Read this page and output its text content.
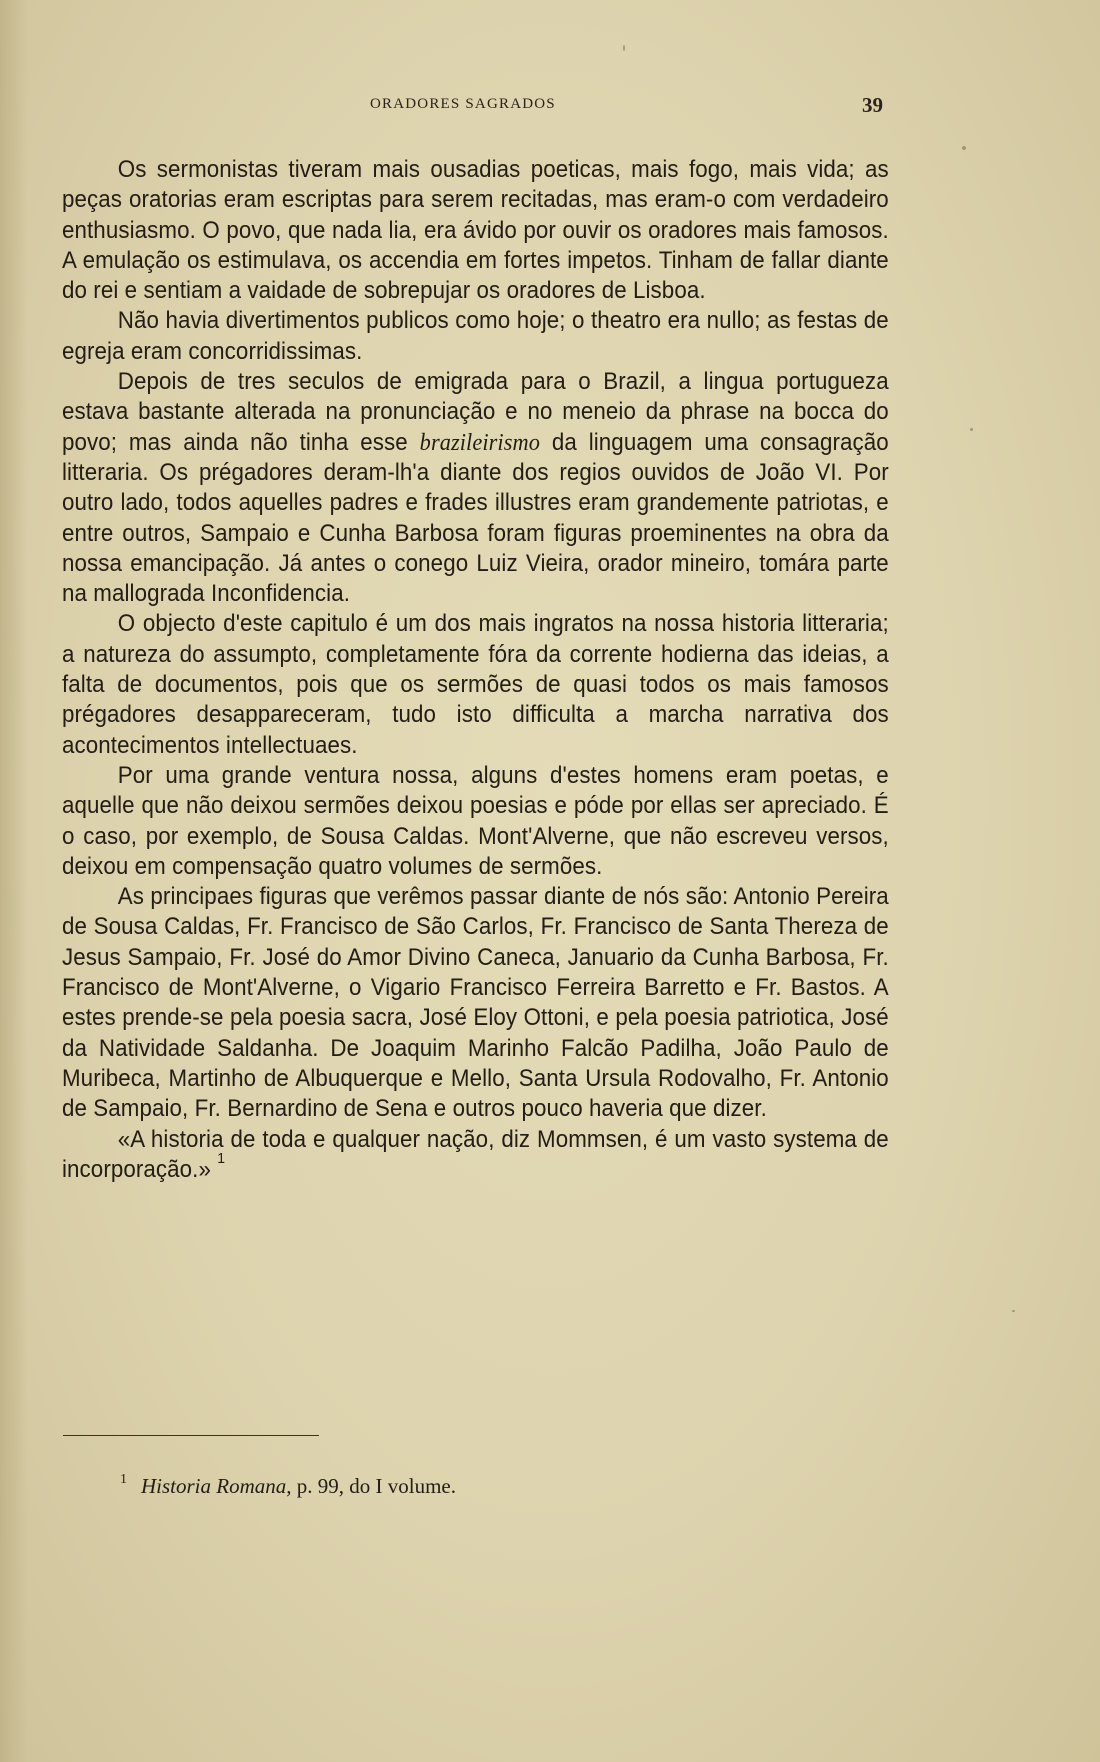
ORADORES SAGRADOS	39

Os sermonistas tiveram mais ousadias poeticas, mais fogo, mais vida; as peças oratorias eram escriptas para serem recitadas, mas eram-o com verdadeiro enthusiasmo. O povo, que nada lia, era ávido por ouvir os oradores mais famosos. A emulação os estimulava, os accendia em fortes impetos. Tinham de fallar diante do rei e sentiam a vaidade de sobrepujar os oradores de Lisboa.

Não havia divertimentos publicos como hoje; o theatro era nullo; as festas de egreja eram concorridissimas.

Depois de tres seculos de emigrada para o Brazil, a lingua portugueza estava bastante alterada na pronunciação e no meneio da phrase na bocca do povo; mas ainda não tinha esse brazileirismo da linguagem uma consagração litteraria. Os prégadores deram-lh'a diante dos regios ouvidos de João VI. Por outro lado, todos aquelles padres e frades illustres eram grandemente patriotas, e entre outros, Sampaio e Cunha Barbosa foram figuras proeminentes na obra da nossa emancipação. Já antes o conego Luiz Vieira, orador mineiro, tomára parte na mallograda Inconfidencia.

O objecto d'este capitulo é um dos mais ingratos na nossa historia litteraria; a natureza do assumpto, completamente fóra da corrente hodierna das ideias, a falta de documentos, pois que os sermões de quasi todos os mais famosos prégadores desappareceram, tudo isto difficulta a marcha narrativa dos acontecimentos intellectuaes.

Por uma grande ventura nossa, alguns d'estes homens eram poetas, e aquelle que não deixou sermões deixou poesias e póde por ellas ser apreciado. É o caso, por exemplo, de Sousa Caldas. Mont'Alverne, que não escreveu versos, deixou em compensação quatro volumes de sermões.

As principaes figuras que verêmos passar diante de nós são: Antonio Pereira de Sousa Caldas, Fr. Francisco de São Carlos, Fr. Francisco de Santa Thereza de Jesus Sampaio, Fr. José do Amor Divino Caneca, Januario da Cunha Barbosa, Fr. Francisco de Mont'Alverne, o Vigario Francisco Ferreira Barretto e Fr. Bastos. A estes prende-se pela poesia sacra, José Eloy Ottoni, e pela poesia patriotica, José da Natividade Saldanha. De Joaquim Marinho Falcão Padilha, João Paulo de Muribeca, Martinho de Albuquerque e Mello, Santa Ursula Rodovalho, Fr. Antonio de Sampaio, Fr. Bernardino de Sena e outros pouco haveria que dizer.

«A historia de toda e qualquer nação, diz Mommsen, é um vasto systema de incorporação.» $^1$

$^1$ Historia Romana, p. 99, do I volume.
